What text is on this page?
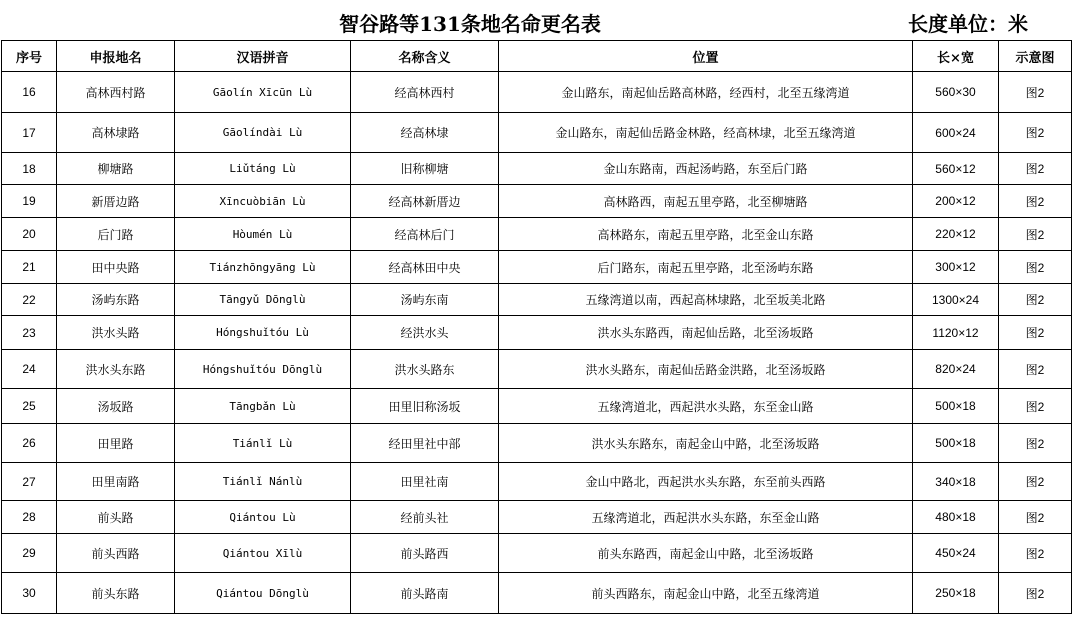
智谷路等131条地名命更名表	长度单位：米
序号	申报地名	汉语拼音	名称含义	位置	长×宽	示意图
16	高林西村路	Gāolín Xīcūn Lù	经高林西村	金山路东，南起仙岳路高林路，经西村，北至五缘湾道	560×30	图2
17	高林埭路	Gāolíndài Lù	经高林埭	金山路东，南起仙岳路金林路，经高林埭，北至五缘湾道	600×24	图2
18	柳塘路	Liǔtáng Lù	旧称柳塘	金山东路南，西起汤屿路，东至后门路	560×12	图2
19	新厝边路	Xīncuòbiān Lù	经高林新厝边	高林路西，南起五里亭路，北至柳塘路	200×12	图2
20	后门路	Hòumén Lù	经高林后门	高林路东，南起五里亭路，北至金山东路	220×12	图2
21	田中央路	Tiánzhōngyāng Lù	经高林田中央	后门路东，南起五里亭路，北至汤屿东路	300×12	图2
22	汤屿东路	Tāngyǔ Dōnglù	汤屿东南	五缘湾道以南，西起高林埭路，北至坂美北路	1300×24	图2
23	洪水头路	Hóngshuǐtóu Lù	经洪水头	洪水头东路西，南起仙岳路，北至汤坂路	1120×12	图2
24	洪水头东路	Hóngshuǐtóu Dōnglù	洪水头路东	洪水头路东，南起仙岳路金洪路，北至汤坂路	820×24	图2
25	汤坂路	Tāngbǎn Lù	田里旧称汤坂	五缘湾道北，西起洪水头路，东至金山路	500×18	图2
26	田里路	Tiánlǐ Lù	经田里社中部	洪水头东路东，南起金山中路，北至汤坂路	500×18	图2
27	田里南路	Tiánlǐ Nánlù	田里社南	金山中路北，西起洪水头东路，东至前头西路	340×18	图2
28	前头路	Qiántou Lù	经前头社	五缘湾道北，西起洪水头东路，东至金山路	480×18	图2
29	前头西路	Qiántou Xīlù	前头路西	前头东路西，南起金山中路，北至汤坂路	450×24	图2
30	前头东路	Qiántou Dōnglù	前头路南	前头西路东，南起金山中路，北至五缘湾道	250×18	图2
